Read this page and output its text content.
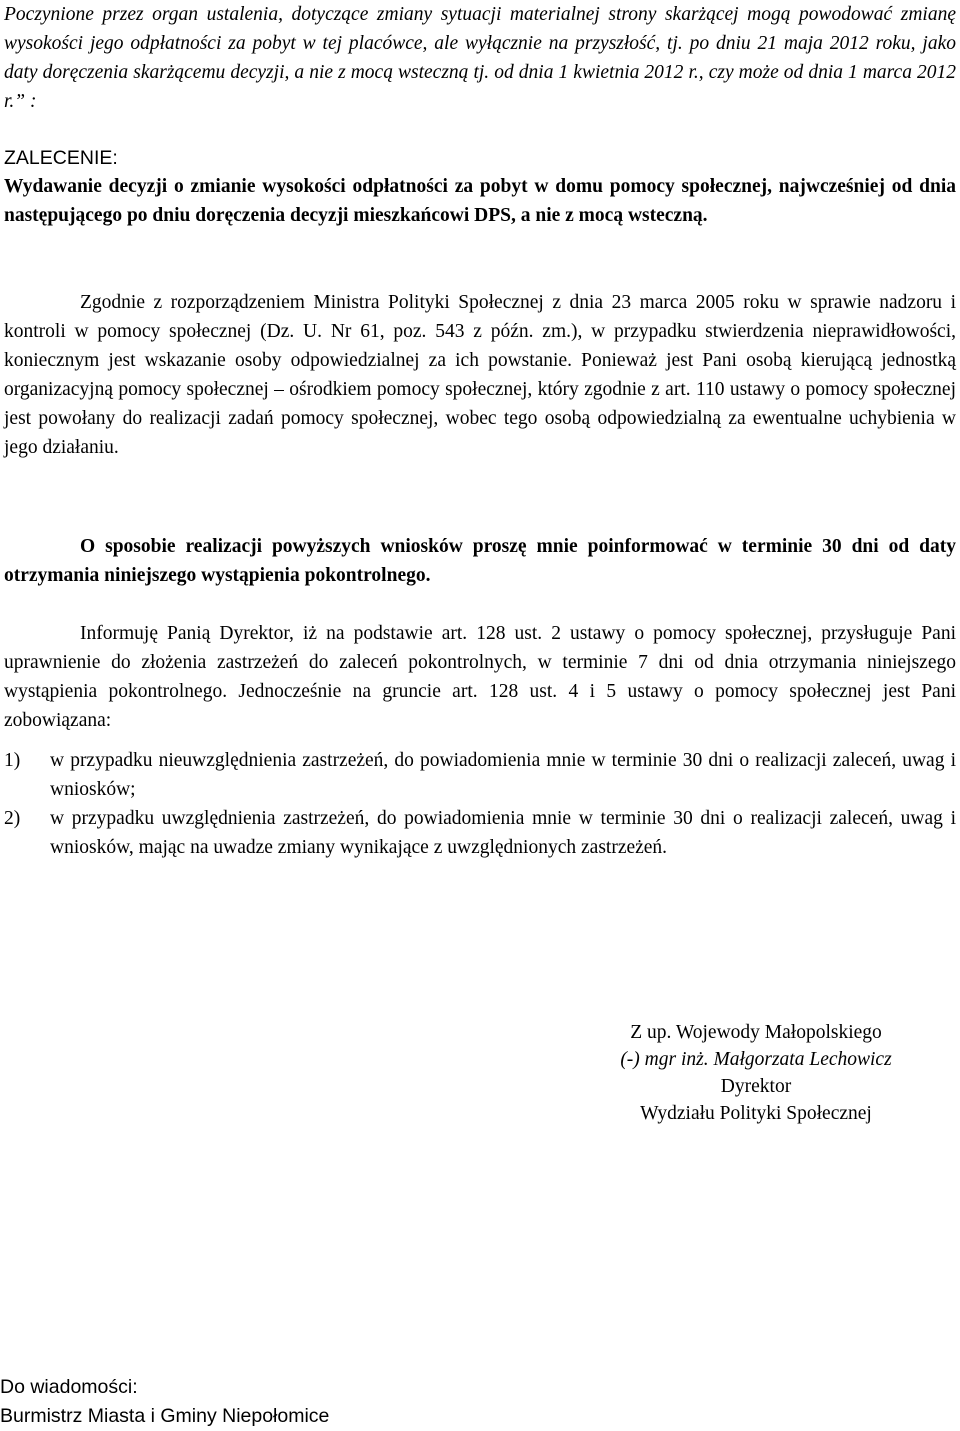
Poczynione przez organ ustalenia, dotyczące zmiany sytuacji materialnej strony skarżącej mogą powodować zmianę wysokości jego odpłatności za pobyt w tej placówce, ale wyłącznie na przyszłość, tj. po dniu 21 maja 2012 roku, jako daty doręczenia skarżącemu decyzji, a nie z mocą wsteczną tj. od dnia 1 kwietnia 2012 r., czy może od dnia 1 marca 2012 r.” :

ZALECENIE:

Wydawanie decyzji o zmianie wysokości odpłatności za pobyt w domu pomocy społecznej, najwcześniej od dnia następującego po dniu doręczenia decyzji mieszkańcowi DPS, a nie z mocą wsteczną.

Zgodnie z rozporządzeniem Ministra Polityki Społecznej z dnia 23 marca 2005 roku w sprawie nadzoru i kontroli w pomocy społecznej (Dz. U. Nr 61, poz. 543 z późn. zm.), w przypadku stwierdzenia nieprawidłowości, koniecznym jest wskazanie osoby odpowiedzialnej za ich powstanie. Ponieważ jest Pani osobą kierującą jednostką organizacyjną pomocy społecznej – ośrodkiem pomocy społecznej, który zgodnie z art. 110 ustawy o pomocy społecznej jest powołany do realizacji zadań pomocy społecznej, wobec tego osobą odpowiedzialną za ewentualne uchybienia w jego działaniu.

O sposobie realizacji powyższych wniosków proszę mnie poinformować w terminie 30 dni od daty otrzymania niniejszego wystąpienia pokontrolnego.

Informuję Panią Dyrektor, iż na podstawie art. 128 ust. 2 ustawy o pomocy społecznej, przysługuje Pani uprawnienie do złożenia zastrzeżeń do zaleceń pokontrolnych, w terminie 7 dni od dnia otrzymania niniejszego wystąpienia pokontrolnego. Jednocześnie na gruncie art. 128 ust. 4 i 5 ustawy o pomocy społecznej jest Pani zobowiązana:

1)	w przypadku nieuwzględnienia zastrzeżeń, do powiadomienia mnie w terminie 30 dni o realizacji zaleceń, uwag i wniosków;
2)	w przypadku uwzględnienia zastrzeżeń, do powiadomienia mnie w terminie 30 dni o realizacji zaleceń, uwag i wniosków, mając na uwadze zmiany wynikające z uwzględnionych zastrzeżeń.
Z up. Wojewody Małopolskiego
(-) mgr inż. Małgorzata Lechowicz
Dyrektor
Wydziału Polityki Społecznej
Do wiadomości:
Burmistrz Miasta i Gminy Niepołomice
